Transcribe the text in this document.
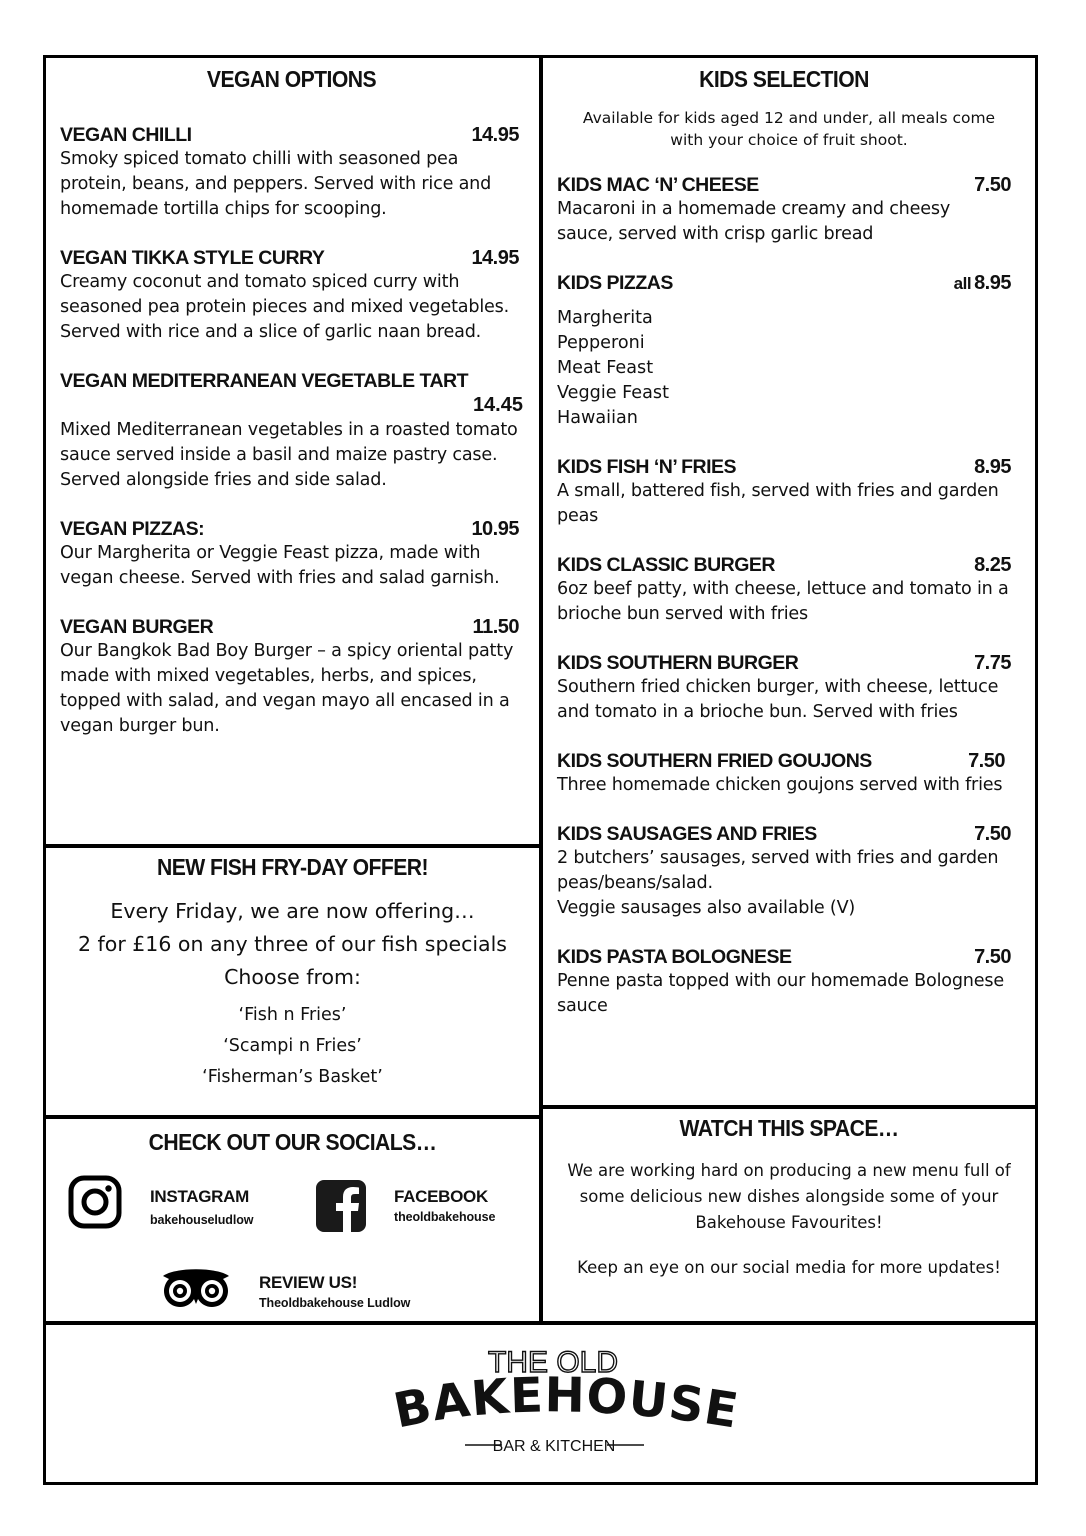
VEGAN OPTIONS
VEGAN CHILLI	14.95

Smoky spiced tomato chilli with seasoned pea protein, beans, and peppers. Served with rice and homemade tortilla chips for scooping.

VEGAN TIKKA STYLE CURRY	14.95

Creamy coconut and tomato spiced curry with seasoned pea protein pieces and mixed vegetables. Served with rice and a slice of garlic naan bread.

VEGAN MEDITERRANEAN VEGETABLE TART
14.45

Mixed Mediterranean vegetables in a roasted tomato sauce served inside a basil and maize pastry case. Served alongside fries and side salad.

VEGAN PIZZAS:	10.95

Our Margherita or Veggie Feast pizza, made with vegan cheese. Served with fries and salad garnish.

VEGAN BURGER	11.50

Our Bangkok Bad Boy Burger – a spicy oriental patty made with mixed vegetables, herbs, and spices, topped with salad, and vegan mayo all encased in a vegan burger bun.

KIDS SELECTION

Available for kids aged 12 and under, all meals come with your choice of fruit shoot.

KIDS MAC ‘N’ CHEESE	7.50

Macaroni in a homemade creamy and cheesy sauce, served with crisp garlic bread

KIDS PIZZAS	all 8.95
Margherita
Pepperoni
Meat Feast
Veggie Feast
Hawaiian
KIDS FISH ‘N’ FRIES	8.95

A small, battered fish, served with fries and garden peas

KIDS CLASSIC BURGER	8.25

6oz beef patty, with cheese, lettuce and tomato in a brioche bun served with fries

KIDS SOUTHERN BURGER	7.75

Southern fried chicken burger, with cheese, lettuce and tomato in a brioche bun. Served with fries

KIDS SOUTHERN FRIED GOUJONS	7.50

Three homemade chicken goujons served with fries

KIDS SAUSAGES AND FRIES	7.50

2 butchers’ sausages, served with fries and garden peas/beans/salad.

Veggie sausages also available (V)

KIDS PASTA BOLOGNESE	7.50

Penne pasta topped with our homemade Bolognese sauce

NEW FISH FRY-DAY OFFER!
Every Friday, we are now offering…
2 for £16 on any three of our fish specials
Choose from:
‘Fish n Fries’
‘Scampi n Fries’
‘Fisherman’s Basket’
CHECK OUT OUR SOCIALS…
INSTAGRAM
bakehouseludlow
FACEBOOK
theoldbakehouse
REVIEW US!
Theoldbakehouse Ludlow
WATCH THIS SPACE…

We are working hard on producing a new menu full of some delicious new dishes alongside some of your Bakehouse Favourites!

Keep an eye on our social media for more updates!

THE OLD
BAKEHOUSE
BAR & KITCHEN
